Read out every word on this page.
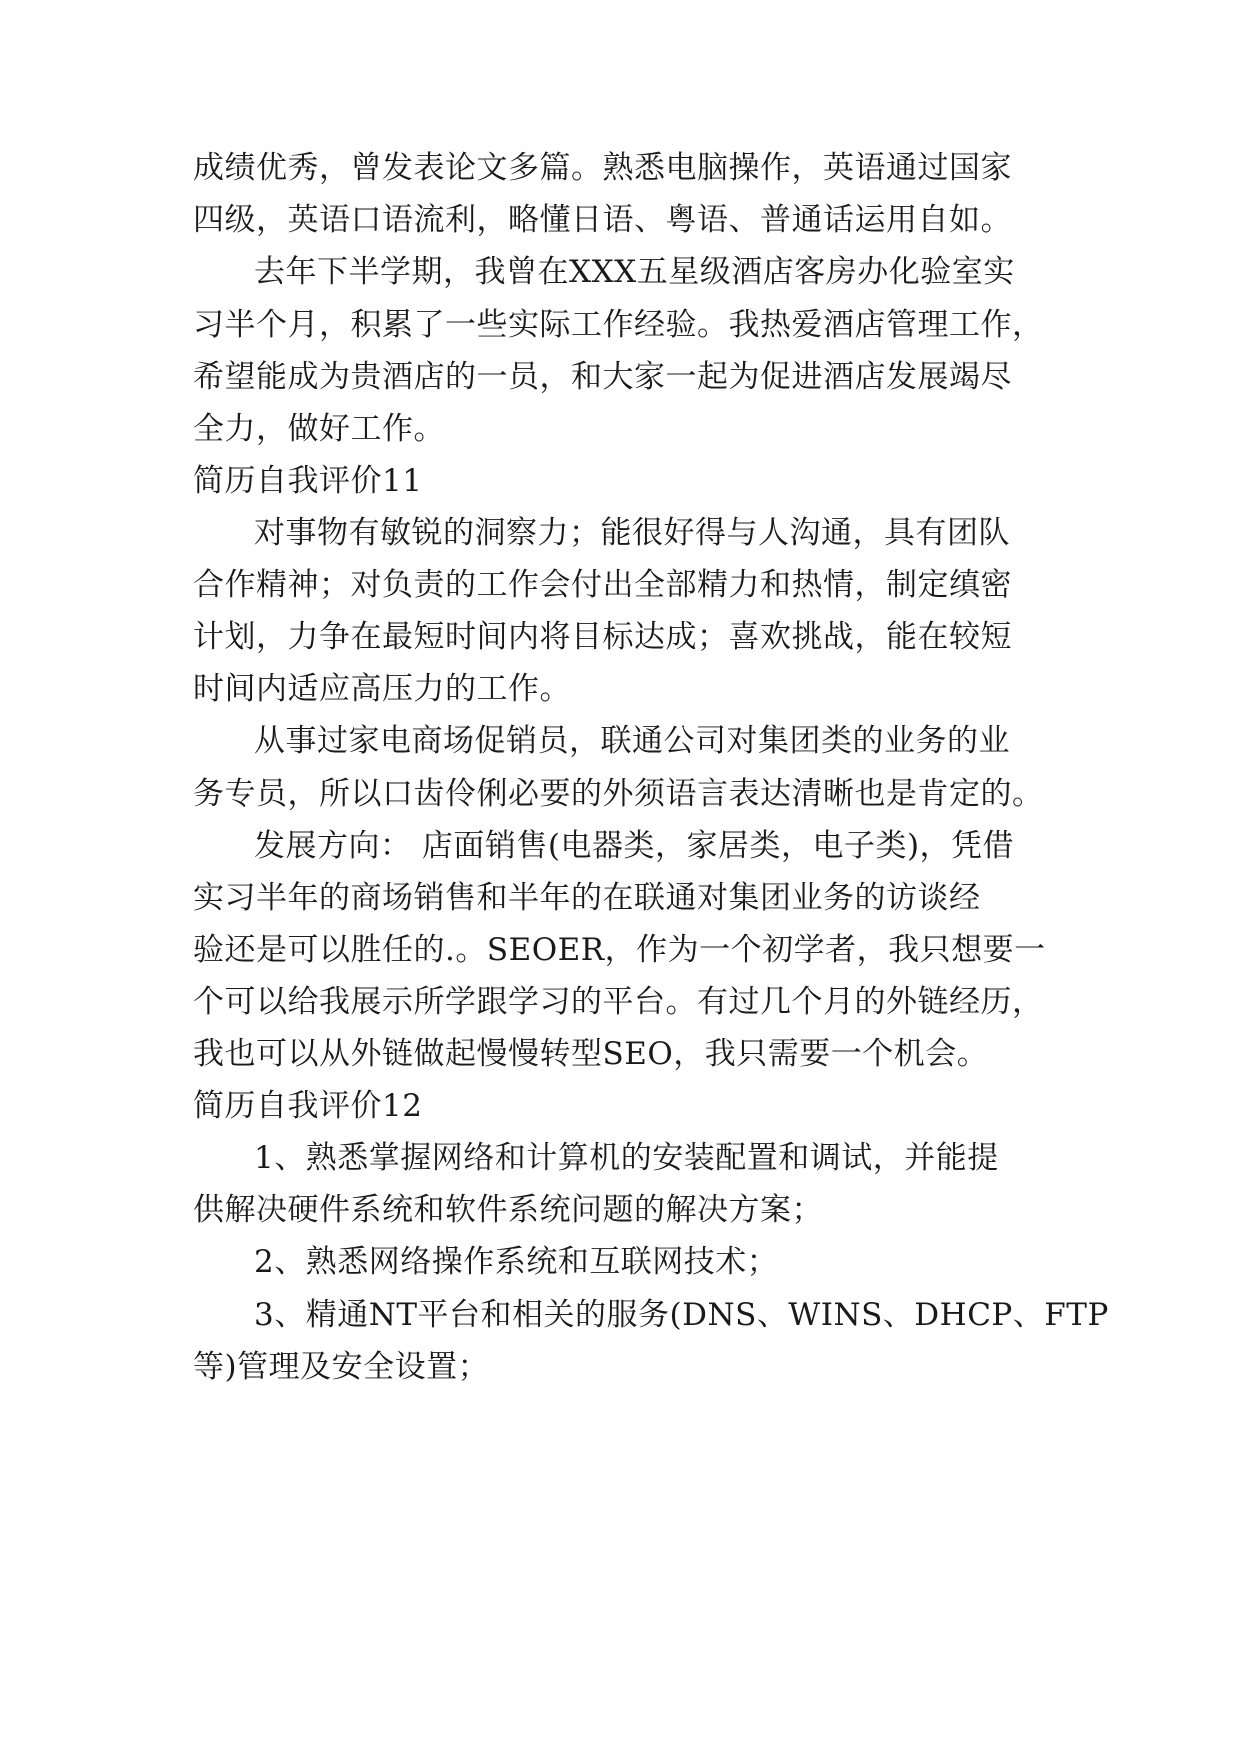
成绩优秀，曾发表论文多篇。熟悉电脑操作，英语通过国家
四级，英语口语流利，略懂日语、粤语、普通话运用自如。
去年下半学期，我曾在XXX五星级酒店客房办化验室实
习半个月，积累了一些实际工作经验。我热爱酒店管理工作，
希望能成为贵酒店的一员，和大家一起为促进酒店发展竭尽
全力，做好工作。
简历自我评价11
对事物有敏锐的洞察力；能很好得与人沟通，具有团队
合作精神；对负责的工作会付出全部精力和热情，制定缜密
计划，力争在最短时间内将目标达成；喜欢挑战，能在较短
时间内适应高压力的工作。
从事过家电商场促销员，联通公司对集团类的业务的业
务专员，所以口齿伶俐必要的外须语言表达清晰也是肯定的。
发展方向： 店面销售(电器类，家居类，电子类)，凭借
实习半年的商场销售和半年的在联通对集团业务的访谈经
验还是可以胜任的.。SEOER，作为一个初学者，我只想要一
个可以给我展示所学跟学习的平台。有过几个月的外链经历，
我也可以从外链做起慢慢转型SEO，我只需要一个机会。
简历自我评价12
1、熟悉掌握网络和计算机的安装配置和调试，并能提
供解决硬件系统和软件系统问题的解决方案；
2、熟悉网络操作系统和互联网技术；
3、精通NT平台和相关的服务(DNS、WINS、DHCP、FTP
等)管理及安全设置；
